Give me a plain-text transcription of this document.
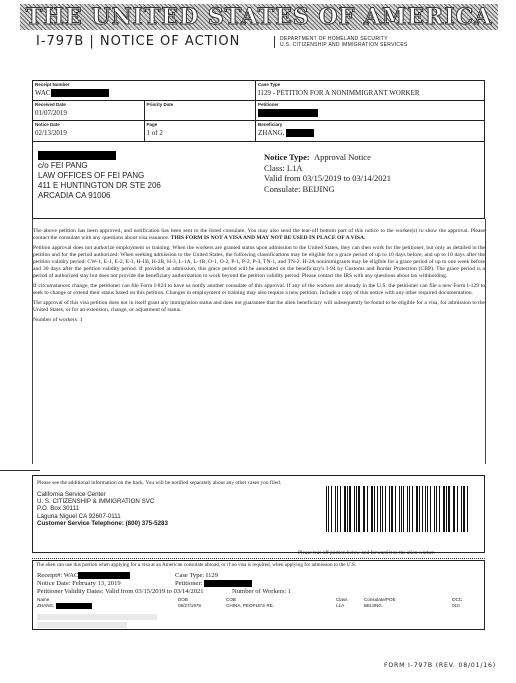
THE UNITED STATES OF AMERICA
I-797B | NOTICE OF ACTION	DEPARTMENT OF HOMELAND SECURITY
U.S. CITIZENSHIP AND IMMIGRATION SERVICES
Receipt Number
WAC
Case Type
I129 - PETITION FOR A NONIMMIGRANT WORKER
Received Date
01/07/2019
Priority Date	Petitioner
Notice Date
02/13/2019
Page
1 of 2
Beneficiary
ZHANG,
c/o FEI PANG
LAW OFFICES OF FEI PANG
411 E HUNTINGTON DR STE 206
ARCADIA CA 91006
Notice Type: Approval Notice
Class: L1A
Valid from 03/15/2019 to 03/14/2021
Consulate: BEIJING

The above petition has been approved, and notification has been sent to the listed consulate. You may also send the tear-off bottom part of this notice to the worker(s) to show the approval. Please contact the consulate with any questions about visa issuance. THIS FORM IS NOT A VISA AND MAY NOT BE USED IN PLACE OF A VISA.

Petition approval does not authorize employment or training. When the workers are granted status upon admission to the United States, they can then work for the petitioner, but only as detailed in the petition and for the period authorized. When seeking admission to the United States, the following classifications may be eligible for a grace period of up to 10 days before, and up to 10 days after the petition validity period: CW-1, E-1, E-2, E-3, H-1B, H-2B, H-3, L-1A, L-1B, O-1, O-2, P-1, P-2, P-3, TN-1, and TN-2. H-2A nonimmigrants may be eligible for a grace period of up to one week before and 30 days after the petition validity period. If provided at admission, this grace period will be annotated on the beneficiary's I-94 by Customs and Border Protection (CBP). The grace period is a period of authorized stay but does not provide the beneficiary authorization to work beyond the petition validity period. Please contact the IRS with any questions about tax withholding.

If circumstances change, the petitioner can file Form I-824 to have us notify another consulate of this approval. If any of the workers are already in the U.S. the petitioner can file a new Form I-129 to seek to change or extend their status based on this petition. Changes in employment or training may also require a new petition. Include a copy of this notice with any other required documentation.

The approval of this visa petition does not in itself grant any immigration status and does not guarantee that the alien beneficiary will subsequently be found to be eligible for a visa, for admission to the United States, or for an extension, change, or adjustment of status.

Number of workers: 1

Please see the additional information on the back. You will be notified separately about any other cases you filed.
California Service Center
U. S. CITIZENSHIP & IMMIGRATION SVC
P.O. Box 30111
Laguna Niguel CA 92607-0111
Customer Service Telephone: (800) 375-5283
Please tear off portion below and forward it to the alien worker.
The alien can use this portion when applying for a visa at an American consulate abroad, or if no visa is required, when applying for admission to the U.S.
Receipt#: WAC	Case Type: I129
Notice Date: February 13, 2019	Petitioner:
Petitioner Validity Dates: Valid from 03/15/2019 to 03/14/2021	Number of Workers: 1
Name	DOB	COB	Class	Consulate/POE	OCC
ZHANG,	08/27/1978	CHINA, PEOPLE'S RE.	L1A	BEIJING	010
FORM I-797B (REV. 08/01/16)
